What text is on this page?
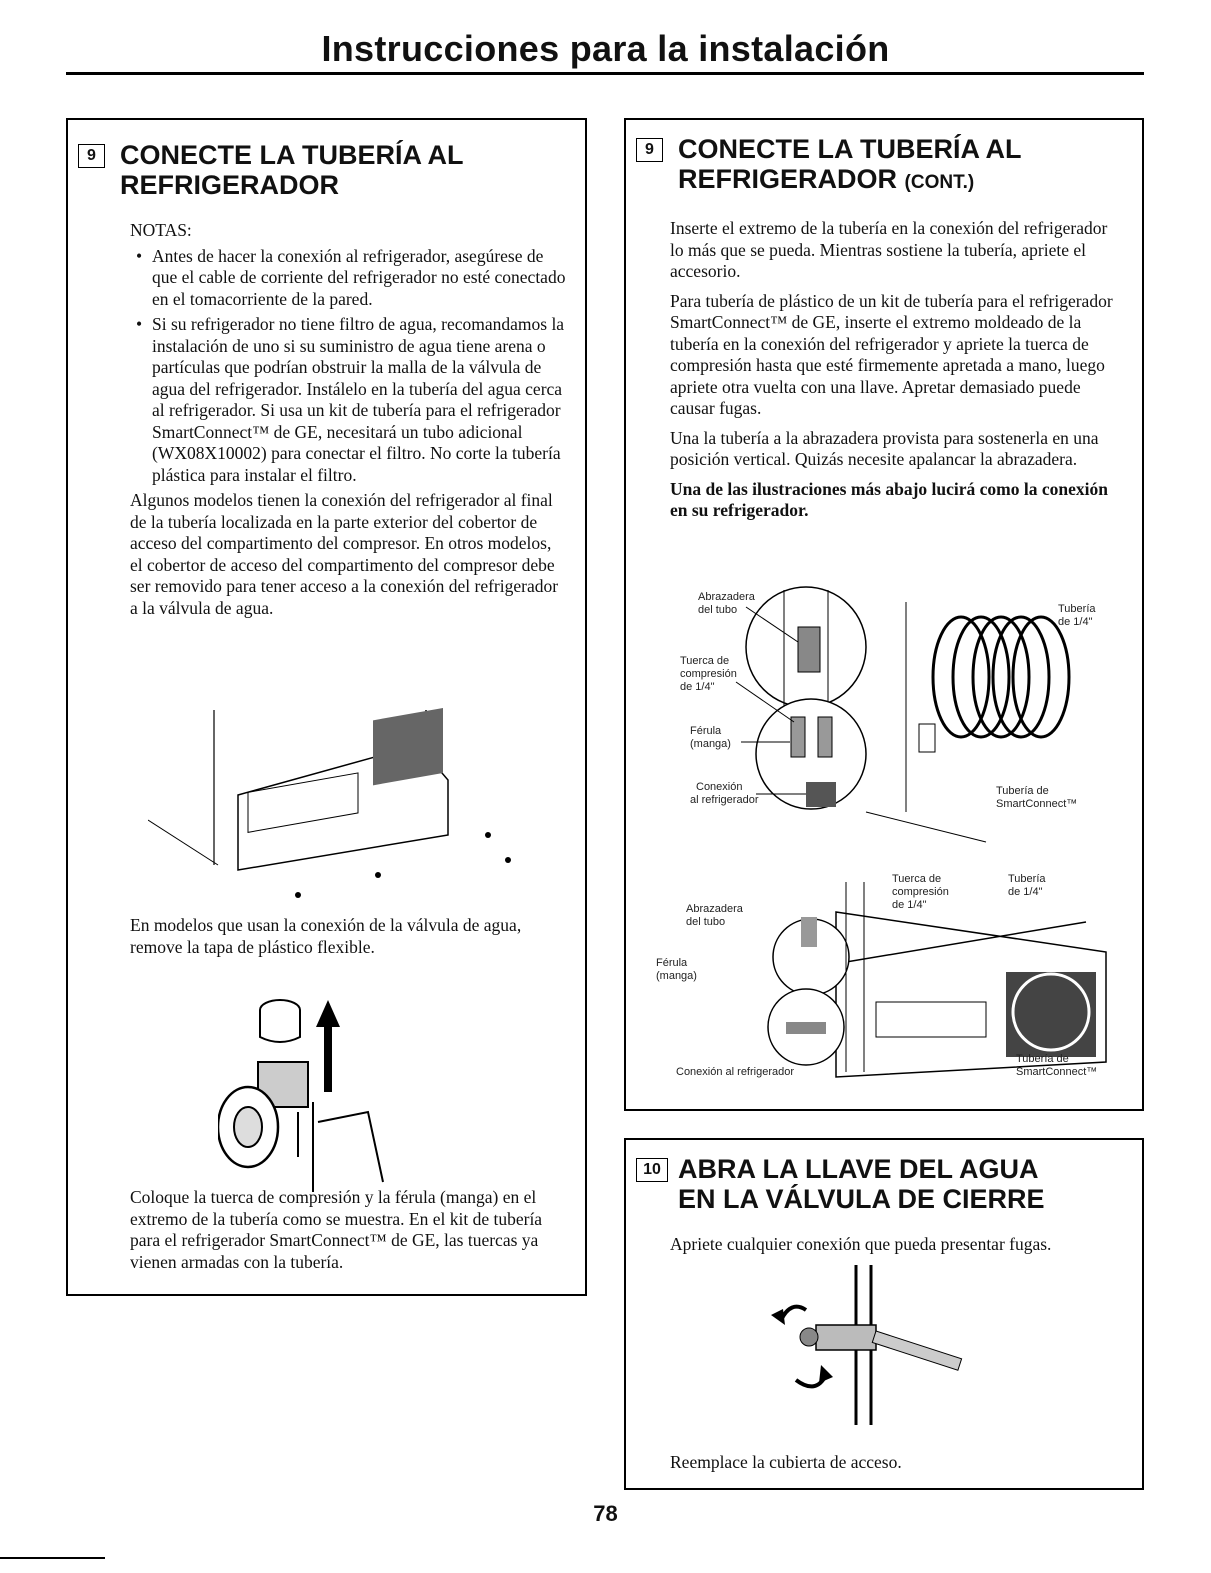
Instrucciones para la instalación
9 CONECTE LA TUBERÍA AL
REFRIGERADOR

NOTAS:

• Antes de hacer la conexión al refrigerador, asegúrese de que el cable de corriente del refrigerador no esté conectado en el tomacorriente de la pared.
• Si su refrigerador no tiene filtro de agua, recomandamos la instalación de uno si su suministro de agua tiene arena o partículas que podrían obstruir la malla de la válvula de agua del refrigerador. Instálelo en la tubería del agua cerca al refrigerador. Si usa un kit de tubería para el refrigerador SmartConnect™ de GE, necesitará un tubo adicional (WX08X10002) para conectar el filtro. No corte la tubería plástica para instalar el filtro.

Algunos modelos tienen la conexión del refrigerador al final de la tubería localizada en la parte exterior del cobertor de acceso del compartimento del compresor. En otros modelos, el cobertor de acceso del compartimento del compresor debe ser removido para tener acceso a la conexión del refrigerador a la válvula de agua.

En modelos que usan la conexión de la válvula de agua, remove la tapa de plástico flexible.

Coloque la tuerca de compresión y la férula (manga) en el extremo de la tubería como se muestra. En el kit de tubería para el refrigerador SmartConnect™ de GE, las tuercas ya vienen armadas con la tubería.

9 CONECTE LA TUBERÍA AL
REFRIGERADOR (CONT.)

Inserte el extremo de la tubería en la conexión del refrigerador lo más que se pueda. Mientras sostiene la tubería, apriete el accesorio.

Para tubería de plástico de un kit de tubería para el refrigerador SmartConnect™ de GE, inserte el extremo moldeado de la tubería en la conexión del refrigerador y apriete la tuerca de compresión hasta que esté firmemente apretada a mano, luego apriete otra vuelta con una llave. Apretar demasiado puede causar fugas.

Una la tubería a la abrazadera provista para sostenerla en una posición vertical. Quizás necesite apalancar la abrazadera.

Una de las ilustraciones más abajo lucirá como la conexión en su refrigerador.

Abrazadera
del tubo
Tuerca de
compresión
de 1/4"
Férula
(manga)
Conexión
al refrigerador
Tubería
de 1/4"
Tubería de
SmartConnect™
Abrazadera
del tubo
Férula
(manga)
Conexión al refrigerador
Tuerca de
compresión
de 1/4"
Tubería
de 1/4"
Tubería de
SmartConnect™
10 ABRA LA LLAVE DEL AGUA
EN LA VÁLVULA DE CIERRE

Apriete cualquier conexión que pueda presentar fugas.

Reemplace la cubierta de acceso.

78
